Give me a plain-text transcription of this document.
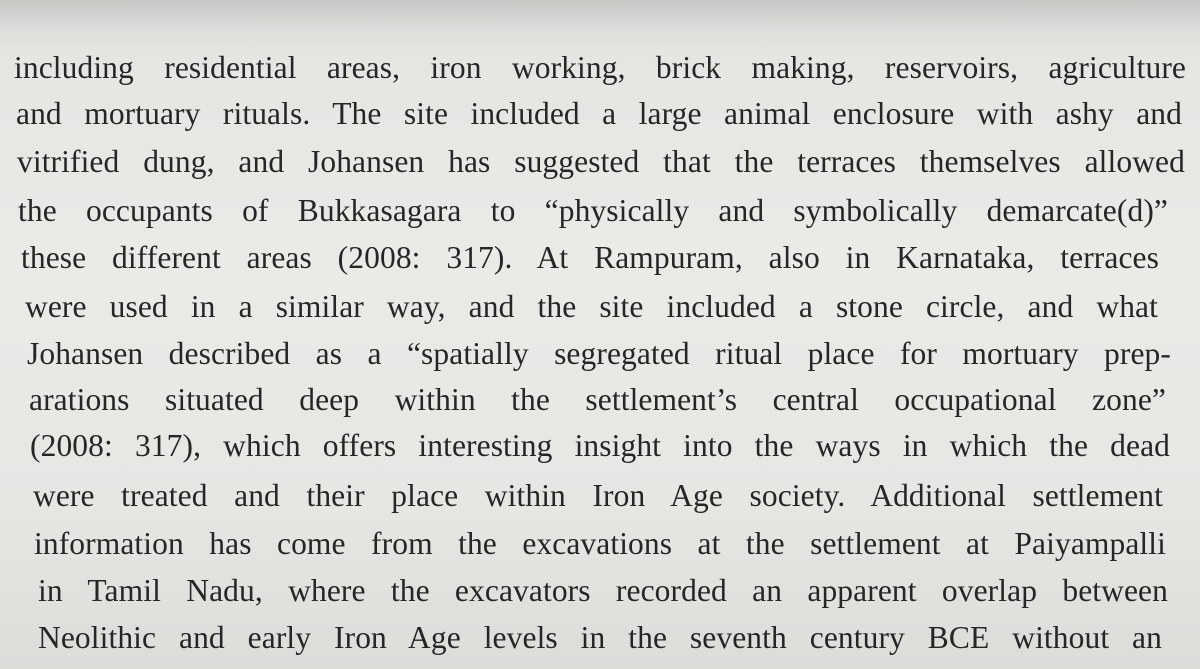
including residential areas, iron working, brick making, reservoirs, agriculture
and mortuary rituals. The site included a large animal enclosure with ashy and
vitrified dung, and Johansen has suggested that the terraces themselves allowed
the occupants of Bukkasagara to “physically and symbolically demarcate(d)”
these different areas (2008: 317). At Rampuram, also in Karnataka, terraces
were used in a similar way, and the site included a stone circle, and what
Johansen described as a “spatially segregated ritual place for mortuary prep-
arations situated deep within the settlement’s central occupational zone”
(2008: 317), which offers interesting insight into the ways in which the dead
were treated and their place within Iron Age society. Additional settlement
information has come from the excavations at the settlement at Paiyampalli
in Tamil Nadu, where the excavators recorded an apparent overlap between
Neolithic and early Iron Age levels in the seventh century BCE without an
